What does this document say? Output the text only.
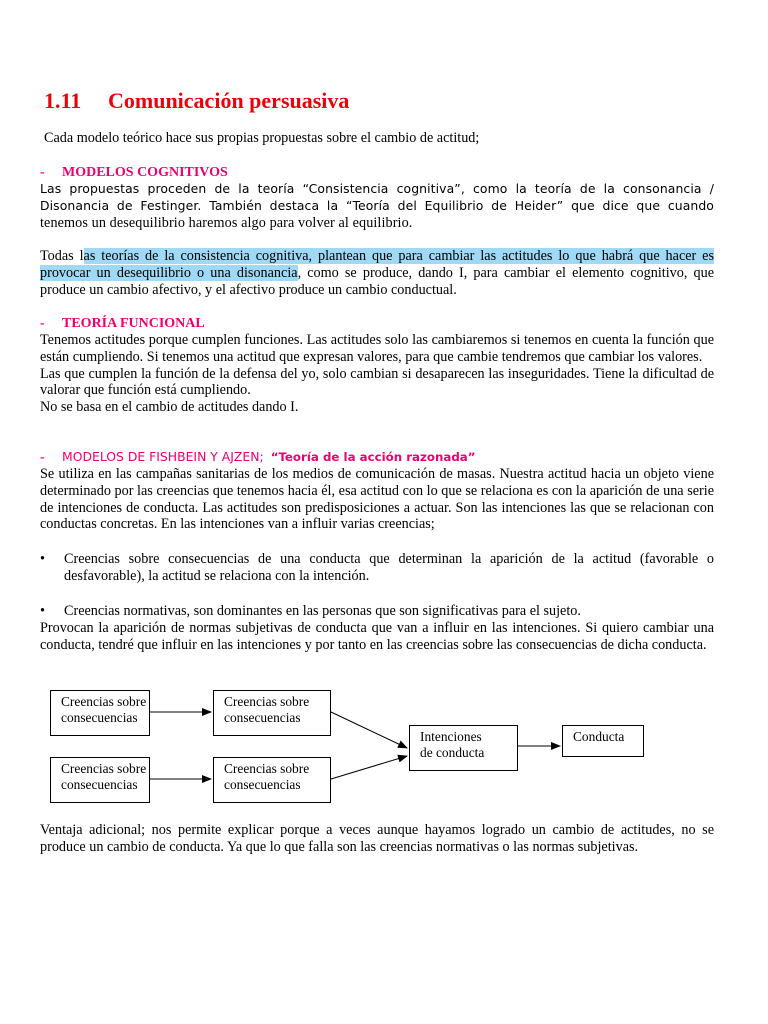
1.11 Comunicación persuasiva

Cada modelo teórico hace sus propias propuestas sobre el cambio de actitud;

- MODELOS COGNITIVOS
Las propuestas proceden de la teoría “Consistencia cognitiva”, como la teoría de la consonancia /
Disonancia de Festinger. También destaca la “Teoría del Equilibrio de Heider” que dice que cuando
tenemos un desequilibrio haremos algo para volver al equilibrio.

Todas las teorías de la consistencia cognitiva, plantean que para cambiar las actitudes lo que habrá que hacer es provocar un desequilibrio o una disonancia, como se produce, dando I, para cambiar el elemento cognitivo, que produce un cambio afectivo, y el afectivo produce un cambio conductual.

- TEORÍA FUNCIONAL

Tenemos actitudes porque cumplen funciones. Las actitudes solo las cambiaremos si tenemos en cuenta la función que están cumpliendo. Si tenemos una actitud que expresan valores, para que cambie tendremos que cambiar los valores.

Las que cumplen la función de la defensa del yo, solo cambian si desaparecen las inseguridades. Tiene la dificultad de valorar que función está cumpliendo.

No se basa en el cambio de actitudes dando I.

- MODELOS DE FISHBEIN Y AJZEN; “Teoría de la acción razonada”

Se utiliza en las campañas sanitarias de los medios de comunicación de masas. Nuestra actitud hacia un objeto viene determinado por las creencias que tenemos hacia él, esa actitud con lo que se relaciona es con la aparición de una serie de intenciones de conducta. Las actitudes son predisposiciones a actuar. Son las intenciones las que se relacionan con conductas concretas. En las intenciones van a influir varias creencias;

•	Creencias sobre consecuencias de una conducta que determinan la aparición de la actitud (favorable o desfavorable), la actitud se relaciona con la intención.

•	Creencias normativas, son dominantes en las personas que son significativas para el sujeto.

Provocan la aparición de normas subjetivas de conducta que van a influir en las intenciones. Si quiero cambiar una conducta, tendré que influir en las intenciones y por tanto en las creencias sobre las consecuencias de dicha conducta.

Creencias sobre
consecuencias
Creencias sobre
consecuencias
Creencias sobre
consecuencias
Creencias sobre
consecuencias
Intenciones
de conducta
Conducta

Ventaja adicional; nos permite explicar porque a veces aunque hayamos logrado un cambio de actitudes, no se produce un cambio de conducta. Ya que lo que falla son las creencias normativas o las normas subjetivas.
